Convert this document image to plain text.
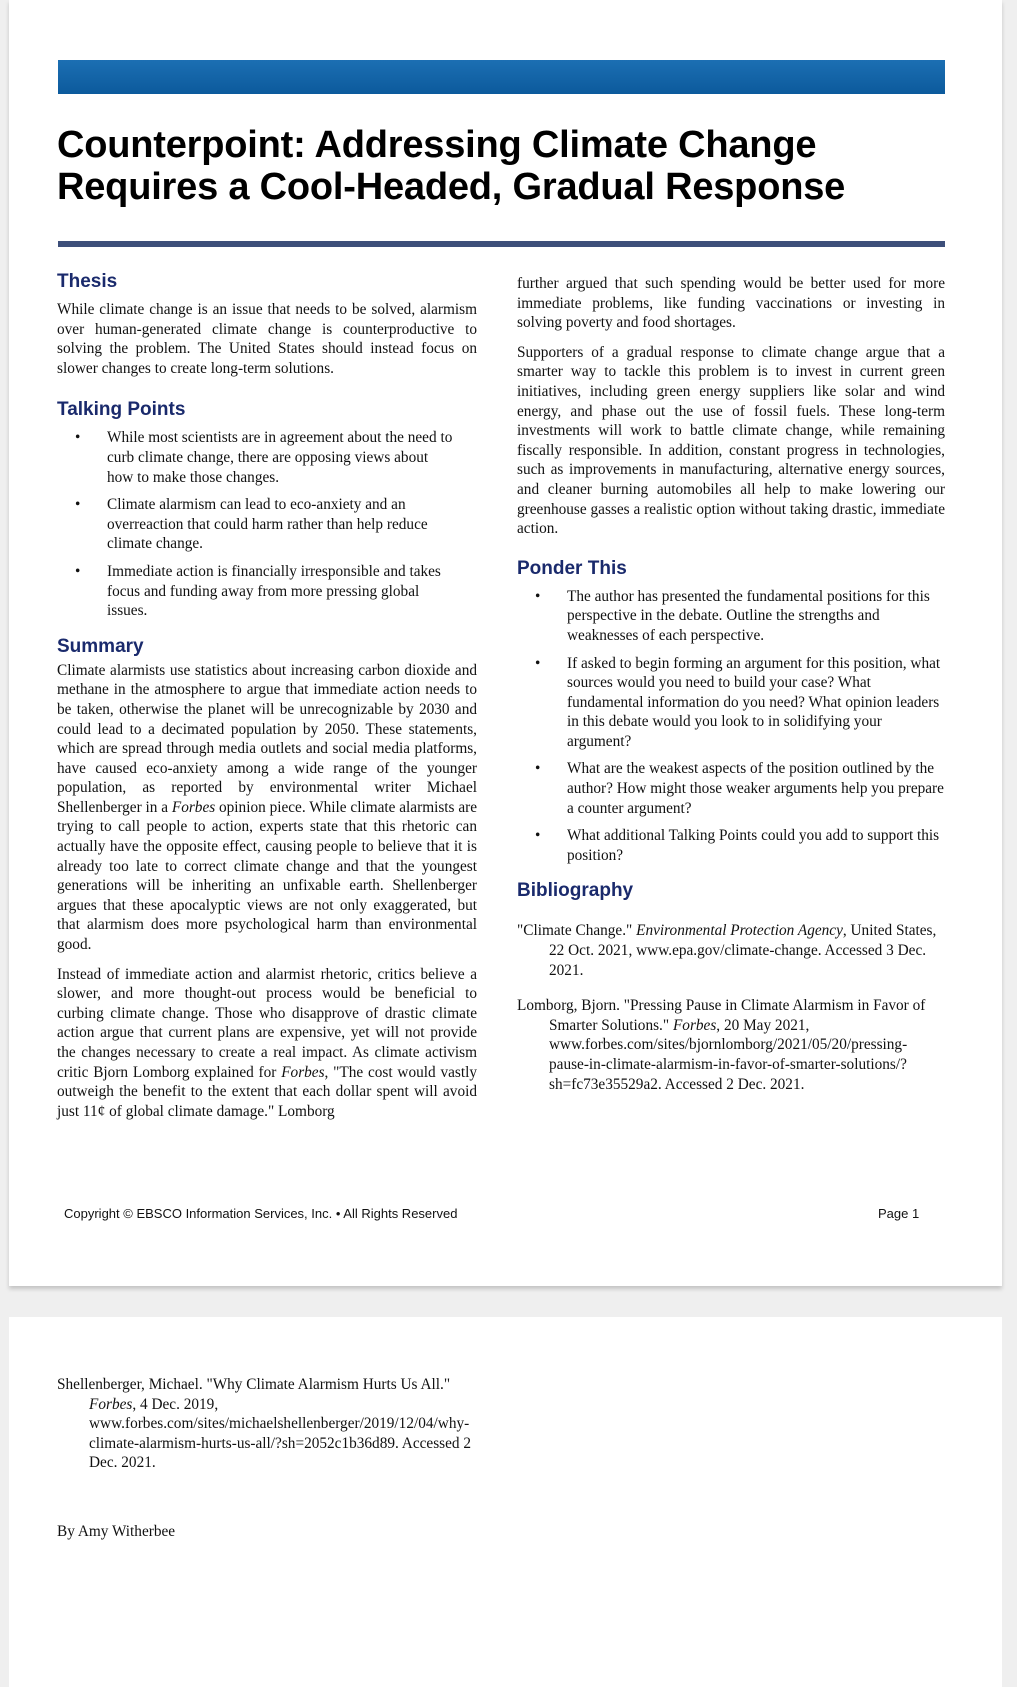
Counterpoint: Addressing Climate Change Requires a Cool-Headed, Gradual Response
Thesis

While climate change is an issue that needs to be solved, alarmism over human-generated climate change is counterproductive to solving the problem. The United States should instead focus on slower changes to create long-term solutions.

Talking Points
• While most scientists are in agreement about the need to curb climate change, there are opposing views about how to make those changes.
• Climate alarmism can lead to eco-anxiety and an overreaction that could harm rather than help reduce climate change.
• Immediate action is financially irresponsible and takes focus and funding away from more pressing global issues.
Summary

Climate alarmists use statistics about increasing carbon dioxide and methane in the atmosphere to argue that immediate action needs to be taken, otherwise the planet will be unrecognizable by 2030 and could lead to a decimated population by 2050. These statements, which are spread through media outlets and social media platforms, have caused eco-anxiety among a wide range of the younger population, as reported by environmental writer Michael Shellenberger in a Forbes opinion piece. While climate alarmists are trying to call people to action, experts state that this rhetoric can actually have the opposite effect, causing people to believe that it is already too late to correct climate change and that the youngest generations will be inheriting an unfixable earth. Shellenberger argues that these apocalyptic views are not only exaggerated, but that alarmism does more psychological harm than environmental good.

Instead of immediate action and alarmist rhetoric, critics believe a slower, and more thought-out process would be beneficial to curbing climate change. Those who disapprove of drastic climate action argue that current plans are expensive, yet will not provide the changes necessary to create a real impact. As climate activism critic Bjorn Lomborg explained for Forbes, "The cost would vastly outweigh the benefit to the extent that each dollar spent will avoid just 11¢ of global climate damage." Lomborg

further argued that such spending would be better used for more immediate problems, like funding vaccinations or investing in solving poverty and food shortages.

Supporters of a gradual response to climate change argue that a smarter way to tackle this problem is to invest in current green initiatives, including green energy suppliers like solar and wind energy, and phase out the use of fossil fuels. These long-term investments will work to battle climate change, while remaining fiscally responsible. In addition, constant progress in technologies, such as improvements in manufacturing, alternative energy sources, and cleaner burning automobiles all help to make lowering our greenhouse gasses a realistic option without taking drastic, immediate action.

Ponder This
• The author has presented the fundamental positions for this perspective in the debate. Outline the strengths and weaknesses of each perspective.
• If asked to begin forming an argument for this position, what sources would you need to build your case? What fundamental information do you need? What opinion leaders in this debate would you look to in solidifying your argument?
• What are the weakest aspects of the position outlined by the author? How might those weaker arguments help you prepare a counter argument?
• What additional Talking Points could you add to support this position?
Bibliography

"Climate Change." Environmental Protection Agency, United States, 22 Oct. 2021, www.epa.gov/climate-change. Accessed 3 Dec. 2021.

Lomborg, Bjorn. "Pressing Pause in Climate Alarmism in Favor of Smarter Solutions." Forbes, 20 May 2021, www.forbes.com/sites/bjornlomborg/2021/05/20/pressing-pause-in-climate-alarmism-in-favor-of-smarter-solutions/?sh=fc73e35529a2. Accessed 2 Dec. 2021.

Copyright © EBSCO Information Services, Inc. • All Rights Reserved	Page 1

Shellenberger, Michael. "Why Climate Alarmism Hurts Us All." Forbes, 4 Dec. 2019, www.forbes.com/sites/michaelshellenberger/2019/12/04/why-climate-alarmism-hurts-us-all/?sh=2052c1b36d89. Accessed 2 Dec. 2021.

By Amy Witherbee
